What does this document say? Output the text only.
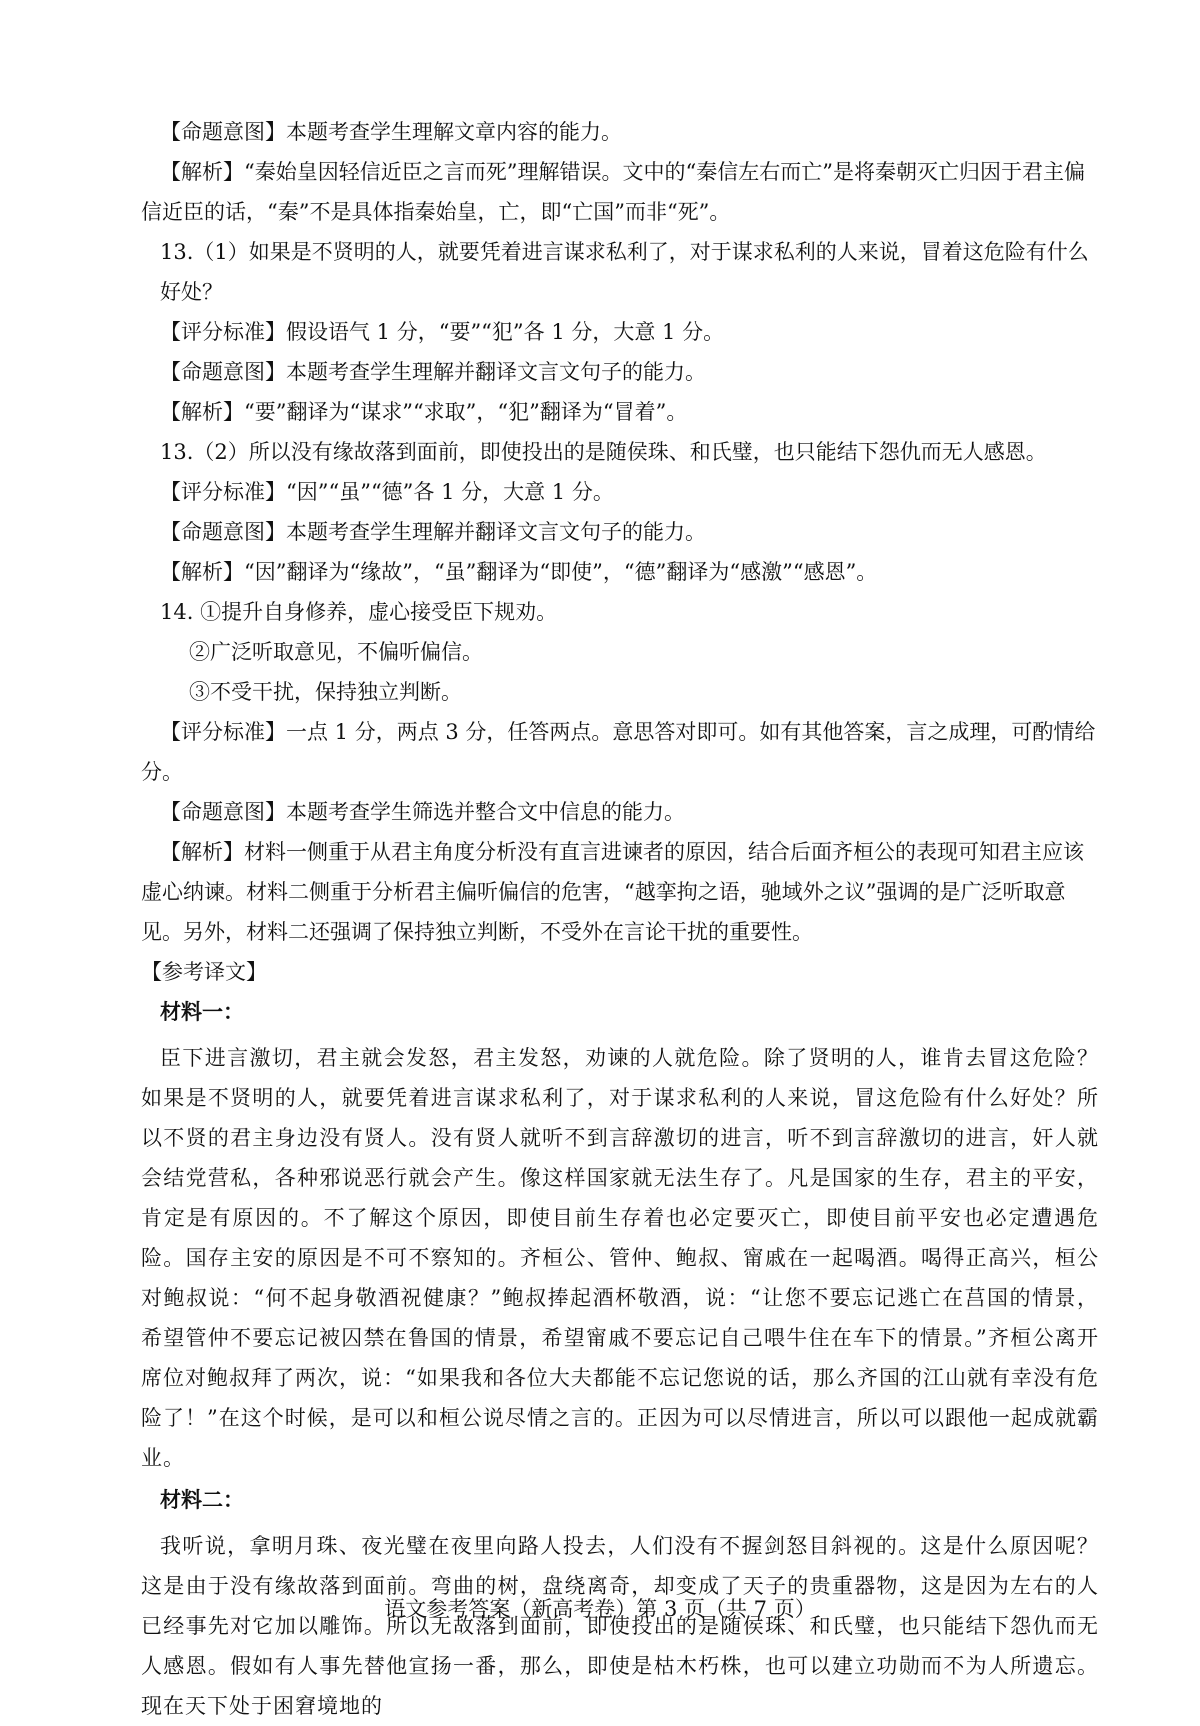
【命题意图】本题考查学生理解文章内容的能力。

【解析】“秦始皇因轻信近臣之言而死”理解错误。文中的“秦信左右而亡”是将秦朝灭亡归因于君主偏信近臣的话，“秦”不是具体指秦始皇，亡，即“亡国”而非“死”。

13.（1）如果是不贤明的人，就要凭着进言谋求私利了，对于谋求私利的人来说，冒着这危险有什么好处？

【评分标准】假设语气 1 分，“要”“犯”各 1 分，大意 1 分。

【命题意图】本题考查学生理解并翻译文言文句子的能力。

【解析】“要”翻译为“谋求”“求取”，“犯”翻译为“冒着”。

13.（2）所以没有缘故落到面前，即使投出的是随侯珠、和氏璧，也只能结下怨仇而无人感恩。

【评分标准】“因”“虽”“德”各 1 分，大意 1 分。

【命题意图】本题考查学生理解并翻译文言文句子的能力。

【解析】“因”翻译为“缘故”，“虽”翻译为“即使”，“德”翻译为“感激”“感恩”。

14. ①提升自身修养，虚心接受臣下规劝。

②广泛听取意见，不偏听偏信。

③不受干扰，保持独立判断。

【评分标准】一点 1 分，两点 3 分，任答两点。意思答对即可。如有其他答案，言之成理，可酌情给分。

【命题意图】本题考查学生筛选并整合文中信息的能力。

【解析】材料一侧重于从君主角度分析没有直言进谏者的原因，结合后面齐桓公的表现可知君主应该虚心纳谏。材料二侧重于分析君主偏听偏信的危害，“越挛拘之语，驰域外之议”强调的是广泛听取意见。另外，材料二还强调了保持独立判断，不受外在言论干扰的重要性。

【参考译文】

材料一：

臣下进言激切，君主就会发怒，君主发怒，劝谏的人就危险。除了贤明的人，谁肯去冒这危险？如果是不贤明的人，就要凭着进言谋求私利了，对于谋求私利的人来说，冒这危险有什么好处？所以不贤的君主身边没有贤人。没有贤人就听不到言辞激切的进言，听不到言辞激切的进言，奸人就会结党营私，各种邪说恶行就会产生。像这样国家就无法生存了。凡是国家的生存，君主的平安，肯定是有原因的。不了解这个原因，即使目前生存着也必定要灭亡，即使目前平安也必定遭遇危险。国存主安的原因是不可不察知的。齐桓公、管仲、鲍叔、甯戚在一起喝酒。喝得正高兴，桓公对鲍叔说：“何不起身敬酒祝健康？”鲍叔捧起酒杯敬酒，说：“让您不要忘记逃亡在莒国的情景，希望管仲不要忘记被囚禁在鲁国的情景，希望甯戚不要忘记自己喂牛住在车下的情景。”齐桓公离开席位对鲍叔拜了两次，说：“如果我和各位大夫都能不忘记您说的话，那么齐国的江山就有幸没有危险了！”在这个时候，是可以和桓公说尽情之言的。正因为可以尽情进言，所以可以跟他一起成就霸业。

材料二：

我听说，拿明月珠、夜光璧在夜里向路人投去，人们没有不握剑怒目斜视的。这是什么原因呢？这是由于没有缘故落到面前。弯曲的树，盘绕离奇，却变成了天子的贵重器物，这是因为左右的人已经事先对它加以雕饰。所以无故落到面前，即使投出的是随侯珠、和氏璧，也只能结下怨仇而无人感恩。假如有人事先替他宣扬一番，那么，即使是枯木朽株，也可以建立功勋而不为人所遗忘。现在天下处于困窘境地的

语文参考答案（新高考卷）第 3 页（共 7 页）
